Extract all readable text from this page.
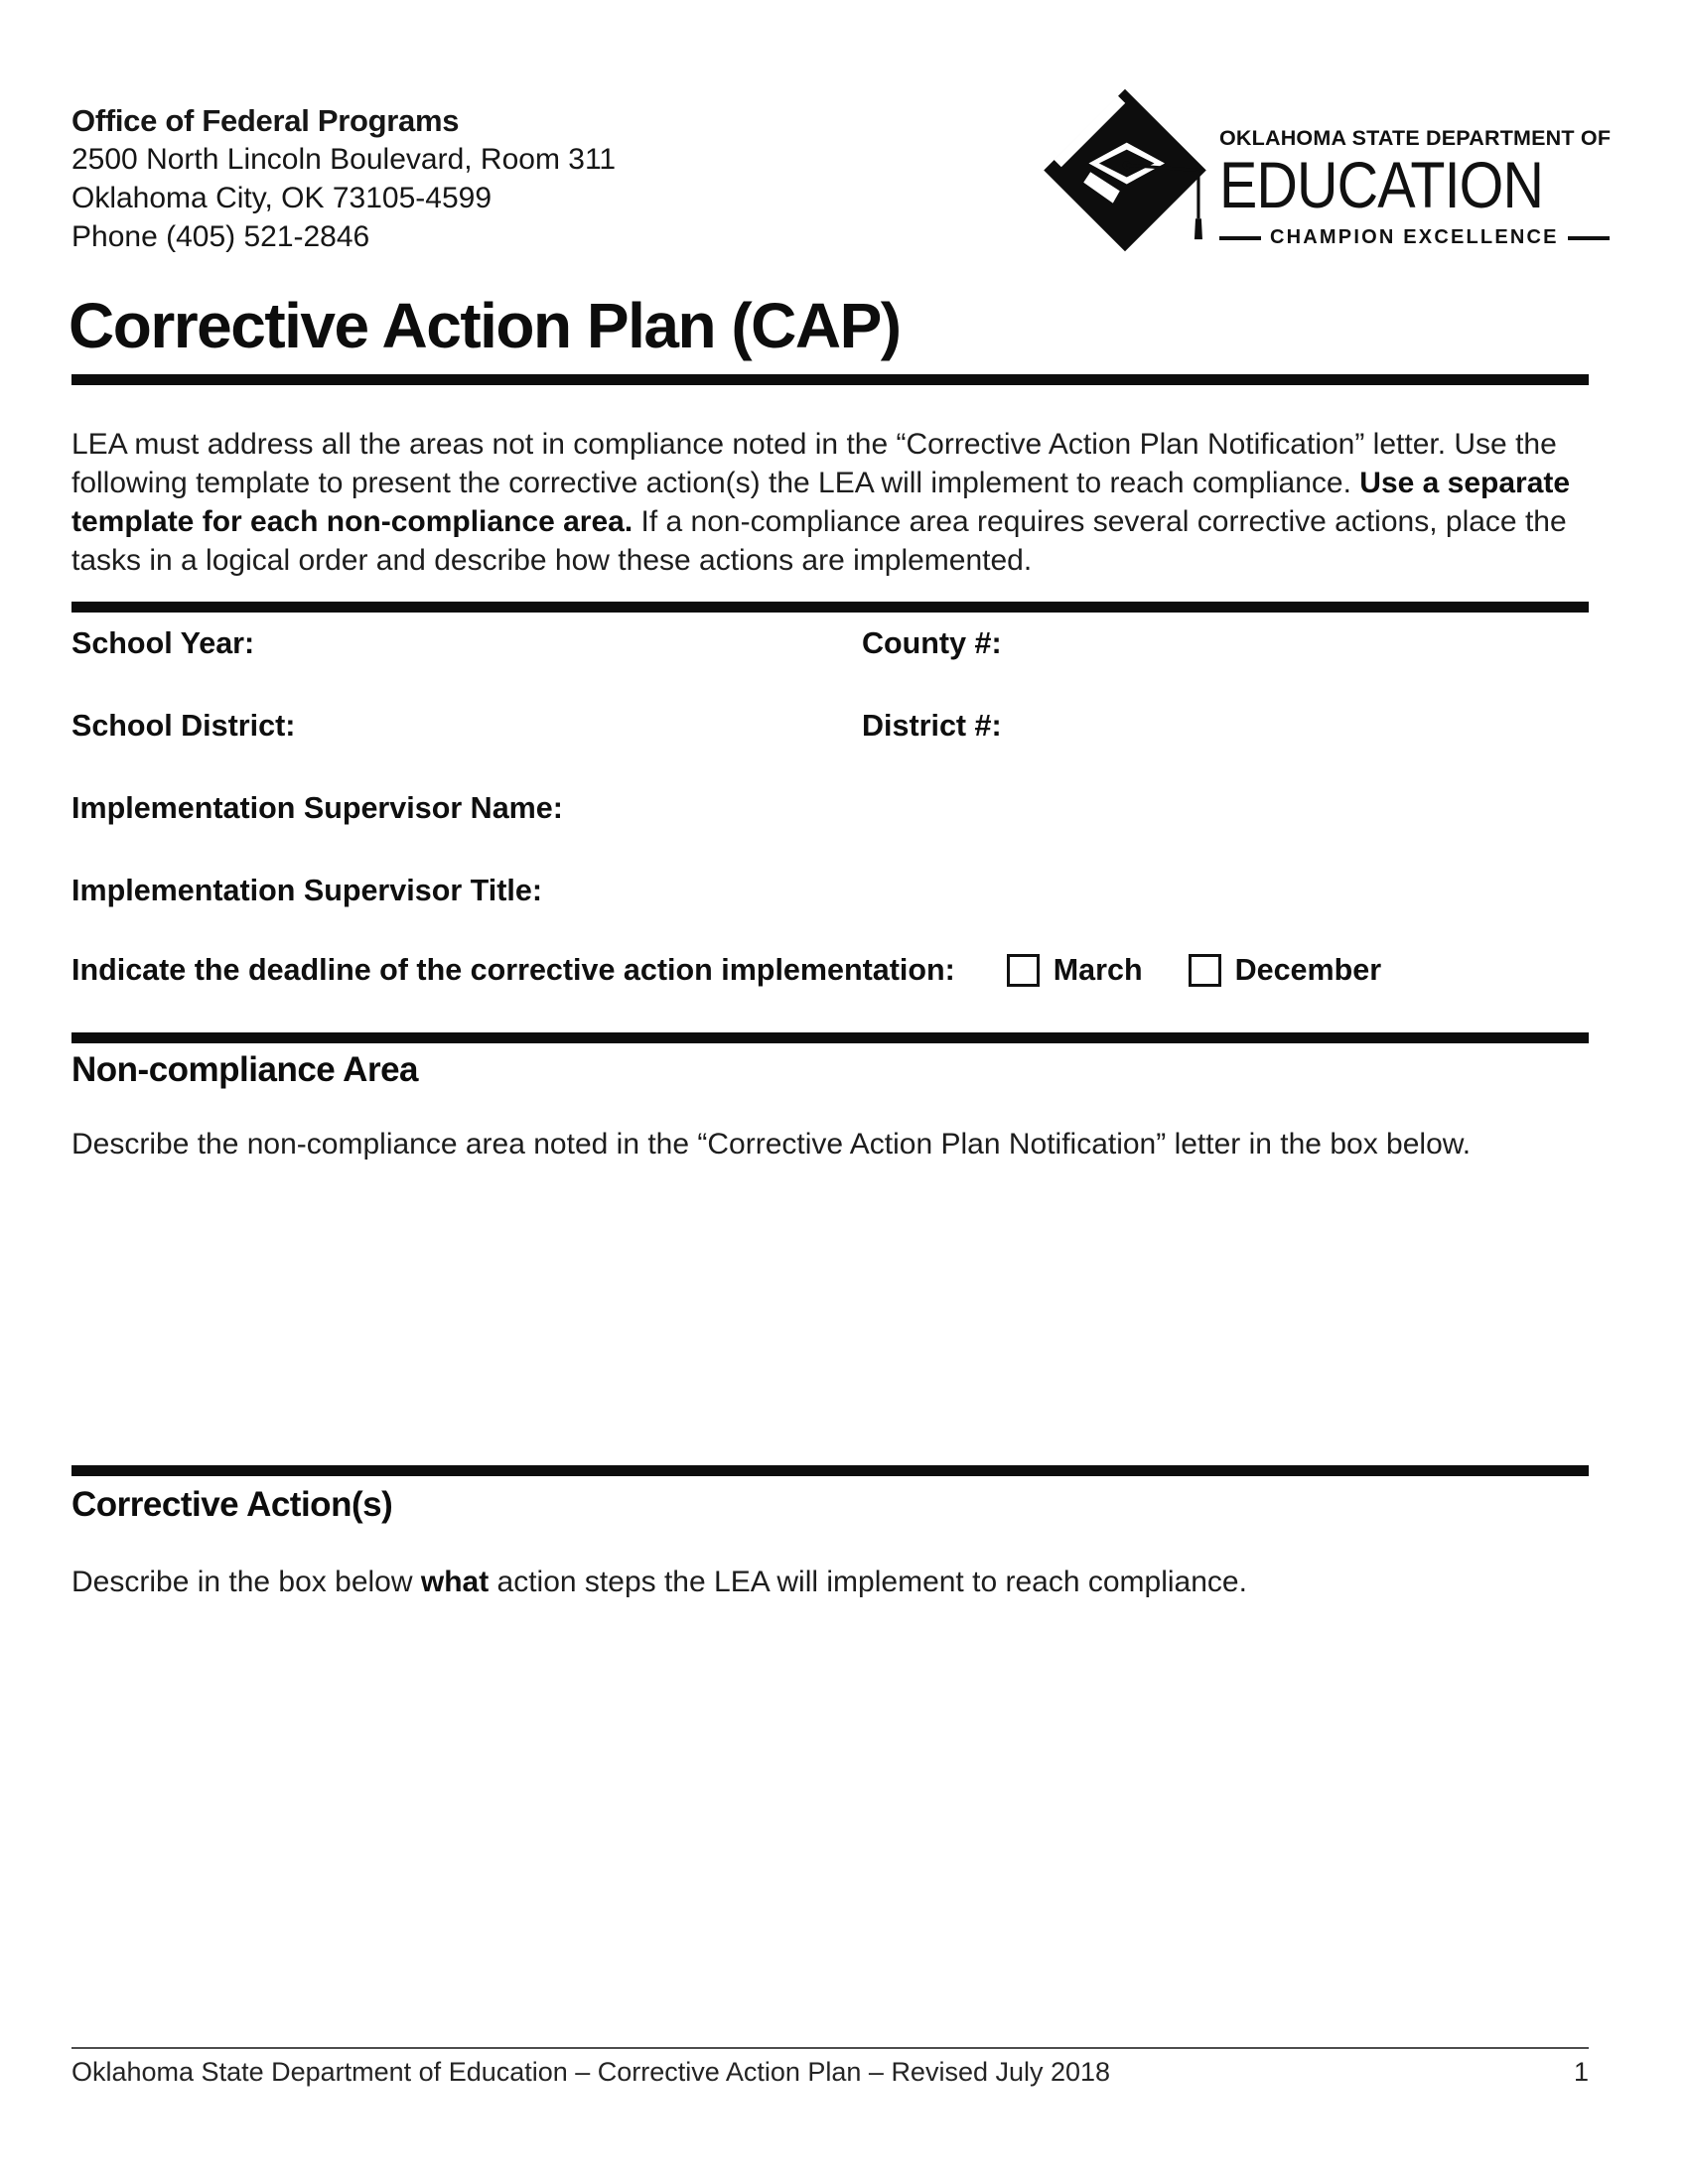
Office of Federal Programs
2500 North Lincoln Boulevard, Room 311
Oklahoma City, OK 73105-4599
Phone (405) 521-2846
OKLAHOMA STATE DEPARTMENT OF
EDUCATION
CHAMPION EXCELLENCE
Corrective Action Plan (CAP)

LEA must address all the areas not in compliance noted in the “Corrective Action Plan Notification” letter. Use the following template to present the corrective action(s) the LEA will implement to reach compliance. Use a separate template for each non-compliance area. If a non-compliance area requires several corrective actions, place the tasks in a logical order and describe how these actions are implemented.

School Year:	County #:
School District:	District #:
Implementation Supervisor Name:
Implementation Supervisor Title:
Indicate the deadline of the corrective action implementation:	March	December
Non-compliance Area

Describe the non-compliance area noted in the “Corrective Action Plan Notification” letter in the box below.

Corrective Action(s)

Describe in the box below what action steps the LEA will implement to reach compliance.

Oklahoma State Department of Education – Corrective Action Plan – Revised July 2018	1
